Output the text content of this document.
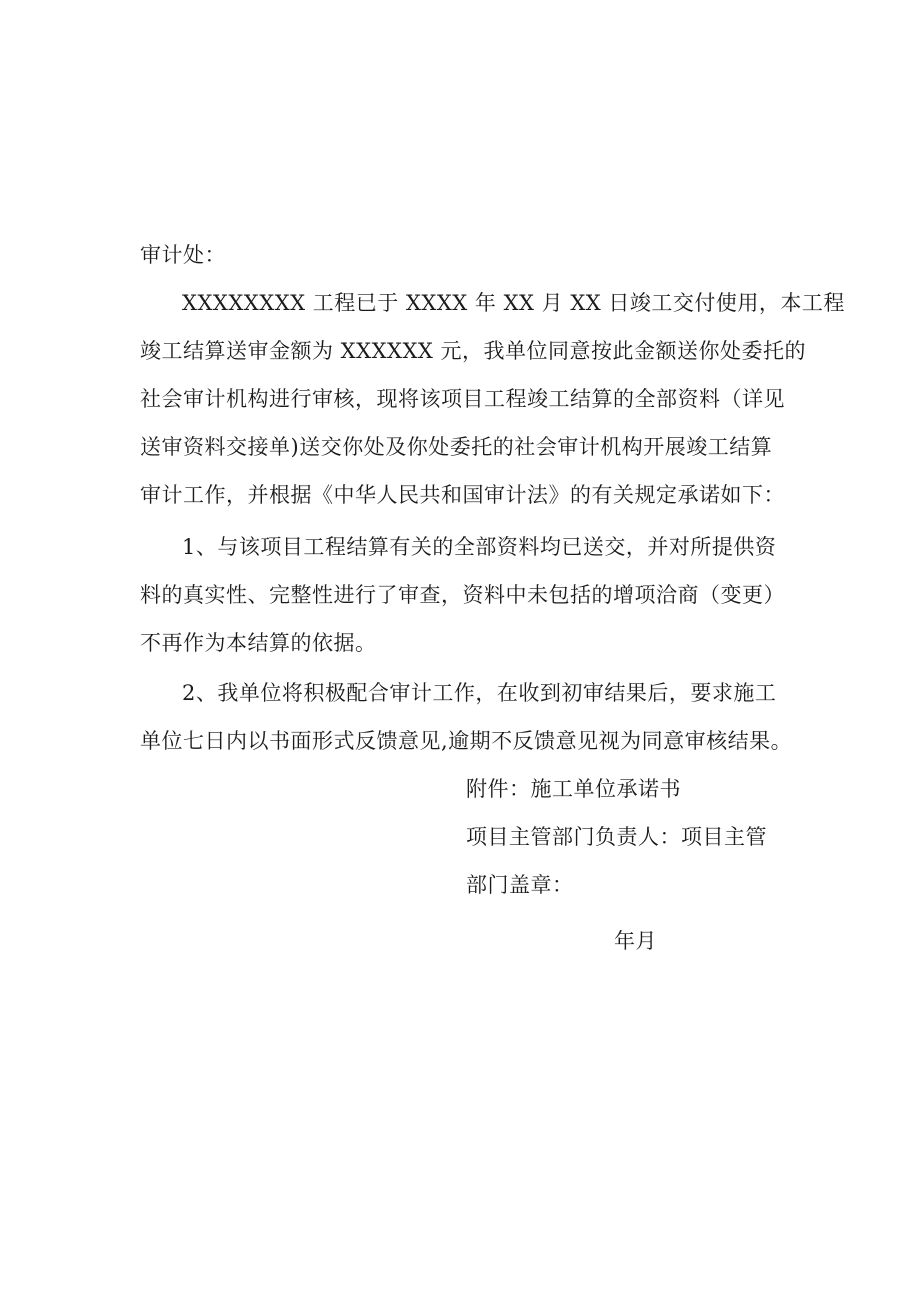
审计处：
XXXXXXXX 工程已于 XXXX 年 XX 月 XX 日竣工交付使用，本工程
竣工结算送审金额为 XXXXXX 元，我单位同意按此金额送你处委托的
社会审计机构进行审核，现将该项目工程竣工结算的全部资料（详见
送审资料交接单)送交你处及你处委托的社会审计机构开展竣工结算
审计工作，并根据《中华人民共和国审计法》的有关规定承诺如下：
1、与该项目工程结算有关的全部资料均已送交，并对所提供资
料的真实性、完整性进行了审查，资料中未包括的增项洽商（变更）
不再作为本结算的依据。
2、我单位将积极配合审计工作，在收到初审结果后，要求施工
单位七日内以书面形式反馈意见,逾期不反馈意见视为同意审核结果。
附件：施工单位承诺书
项目主管部门负责人：项目主管
部门盖章：
年月
